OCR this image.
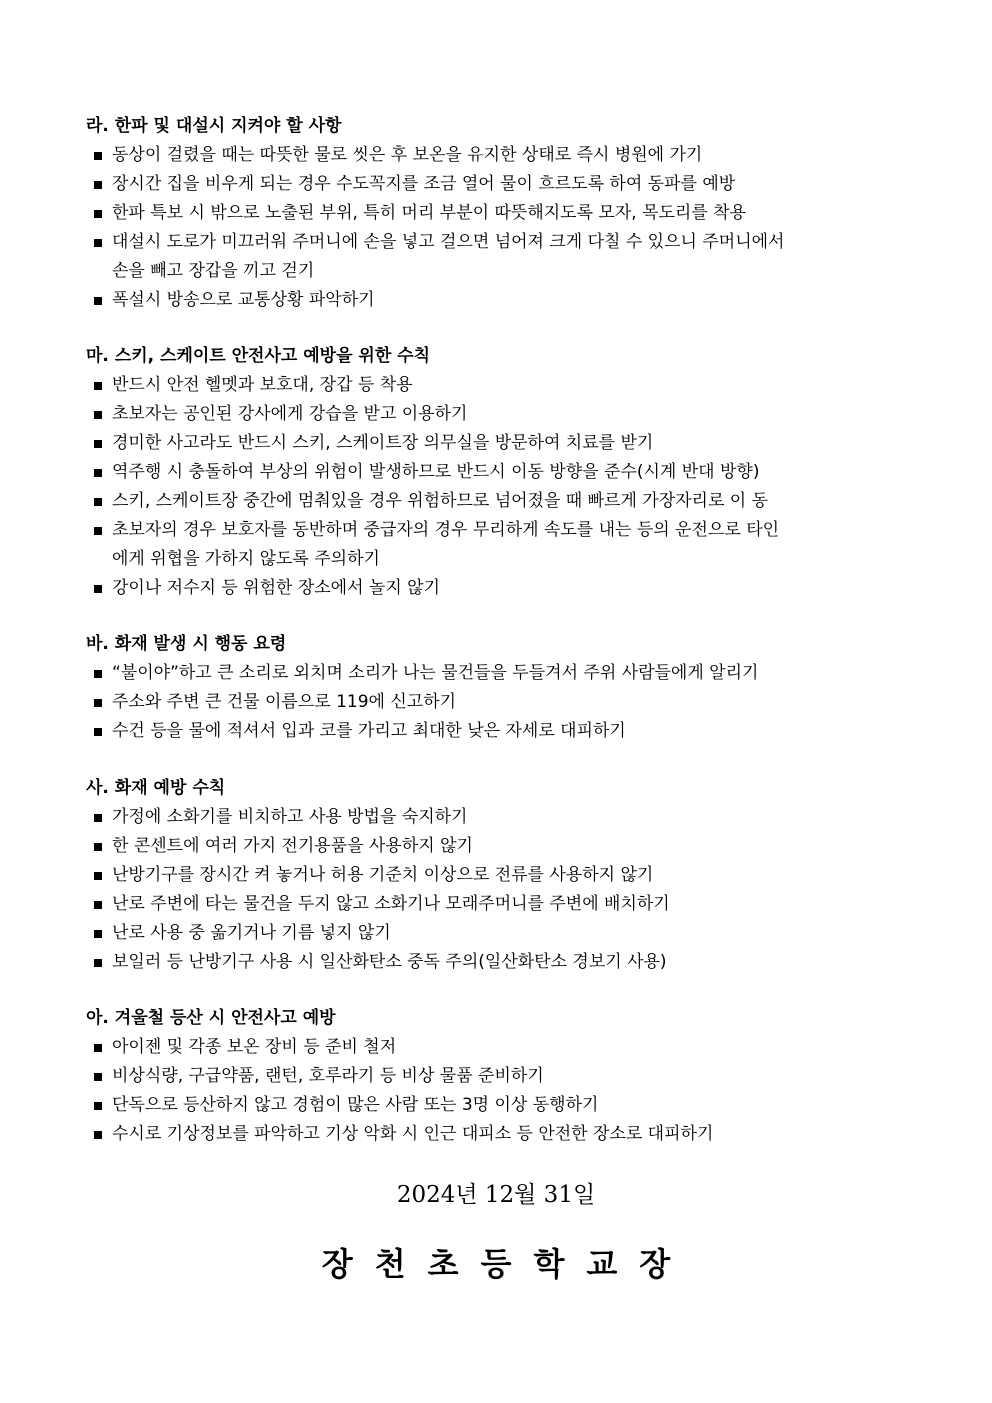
라. 한파 및 대설시 지켜야 할 사항
동상이 걸렸을 때는 따뜻한 물로 씻은 후 보온을 유지한 상태로 즉시 병원에 가기
장시간 집을 비우게 되는 경우 수도꼭지를 조금 열어 물이 흐르도록 하여 동파를 예방
한파 특보 시 밖으로 노출된 부위, 특히 머리 부분이 따뜻해지도록 모자, 목도리를 착용
대설시 도로가 미끄러워 주머니에 손을 넣고 걸으면 넘어져 크게 다칠 수 있으니 주머니에서
손을 빼고 장갑을 끼고 걷기
폭설시 방송으로 교통상황 파악하기
마. 스키, 스케이트 안전사고 예방을 위한 수칙
반드시 안전 헬멧과 보호대, 장갑 등 착용
초보자는 공인된 강사에게 강습을 받고 이용하기
경미한 사고라도 반드시 스키, 스케이트장 의무실을 방문하여 치료를 받기
역주행 시 충돌하여 부상의 위험이 발생하므로 반드시 이동 방향을 준수(시계 반대 방향)
스키, 스케이트장 중간에 멈춰있을 경우 위험하므로 넘어졌을 때 빠르게 가장자리로 이 동
초보자의 경우 보호자를 동반하며 중급자의 경우 무리하게 속도를 내는 등의 운전으로 타인
에게 위협을 가하지 않도록 주의하기
강이나 저수지 등 위험한 장소에서 놀지 않기
바. 화재 발생 시 행동 요령
“불이야”하고 큰 소리로 외치며 소리가 나는 물건들을 두들겨서 주위 사람들에게 알리기
주소와 주변 큰 건물 이름으로 119에 신고하기
수건 등을 물에 적셔서 입과 코를 가리고 최대한 낮은 자세로 대피하기
사. 화재 예방 수칙
가정에 소화기를 비치하고 사용 방법을 숙지하기
한 콘센트에 여러 가지 전기용품을 사용하지 않기
난방기구를 장시간 켜 놓거나 허용 기준치 이상으로 전류를 사용하지 않기
난로 주변에 타는 물건을 두지 않고 소화기나 모래주머니를 주변에 배치하기
난로 사용 중 옮기거나 기름 넣지 않기
보일러 등 난방기구 사용 시 일산화탄소 중독 주의(일산화탄소 경보기 사용)
아. 겨울철 등산 시 안전사고 예방
아이젠 및 각종 보온 장비 등 준비 철저
비상식량, 구급약품, 랜턴, 호루라기 등 비상 물품 준비하기
단독으로 등산하지 않고 경험이 많은 사람 또는 3명 이상 동행하기
수시로 기상정보를 파악하고 기상 악화 시 인근 대피소 등 안전한 장소로 대피하기
2024년 12월 31일
장천초등학교장
